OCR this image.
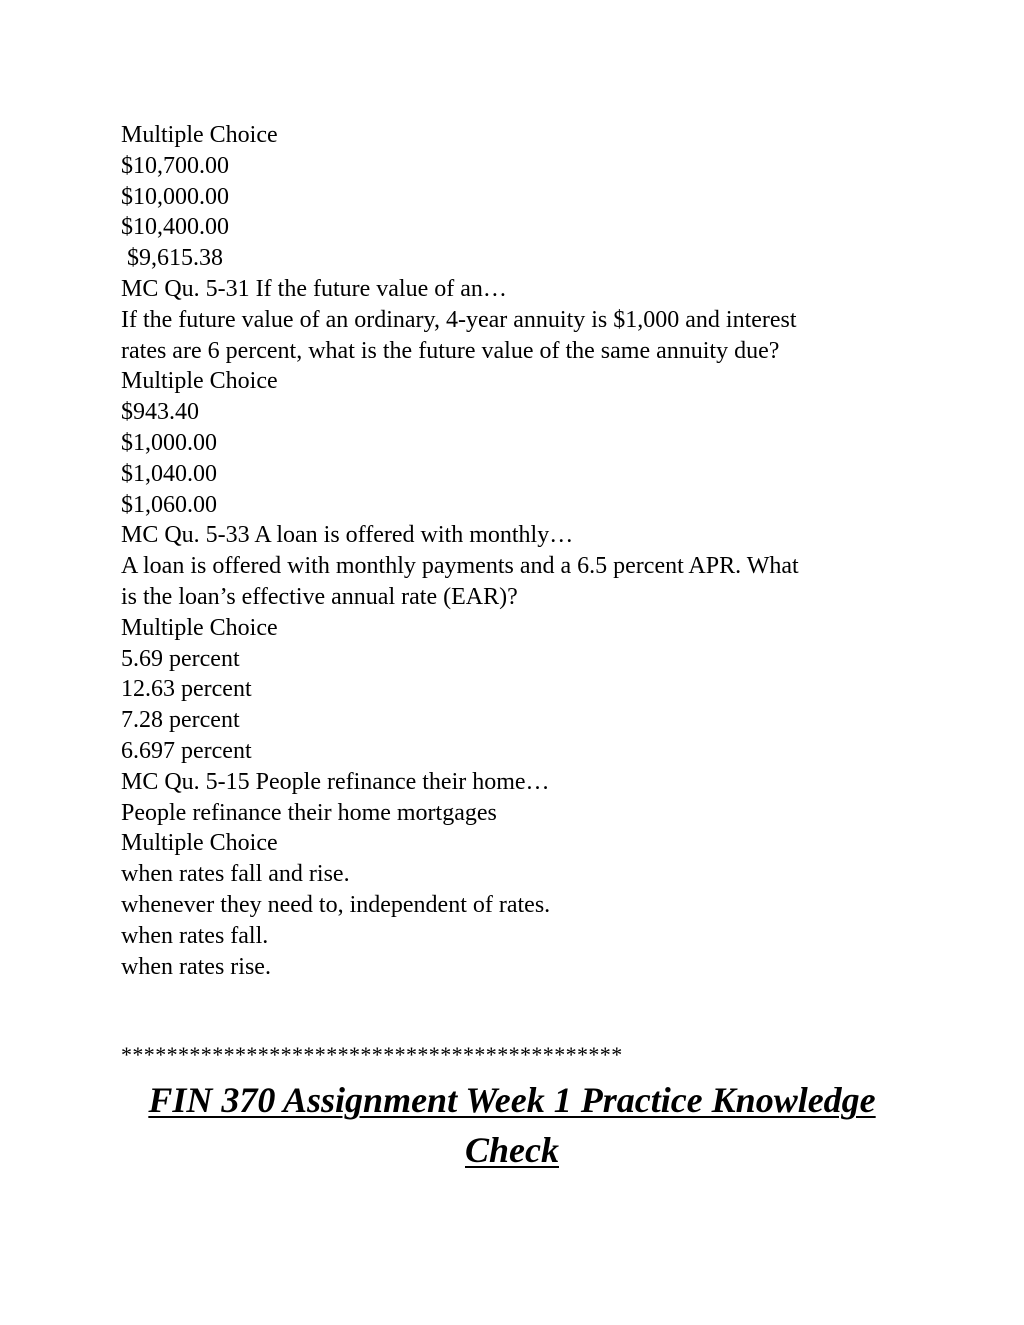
Multiple Choice

$10,700.00

$10,000.00

$10,400.00

$9,615.38

MC Qu. 5-31 If the future value of an…

If the future value of an ordinary, 4-year annuity is $1,000 and interest

rates are 6 percent, what is the future value of the same annuity due?

Multiple Choice

$943.40

$1,000.00

$1,040.00

$1,060.00

MC Qu. 5-33 A loan is offered with monthly…

A loan is offered with monthly payments and a 6.5 percent APR. What

is the loan’s effective annual rate (EAR)?

Multiple Choice

5.69 percent

12.63 percent

7.28 percent

6.697 percent

MC Qu. 5-15 People refinance their home…

People refinance their home mortgages

Multiple Choice

when rates fall and rise.

whenever they need to, independent of rates.

when rates fall.

when rates rise.

********************************************
FIN 370 Assignment Week 1 Practice Knowledge Check
